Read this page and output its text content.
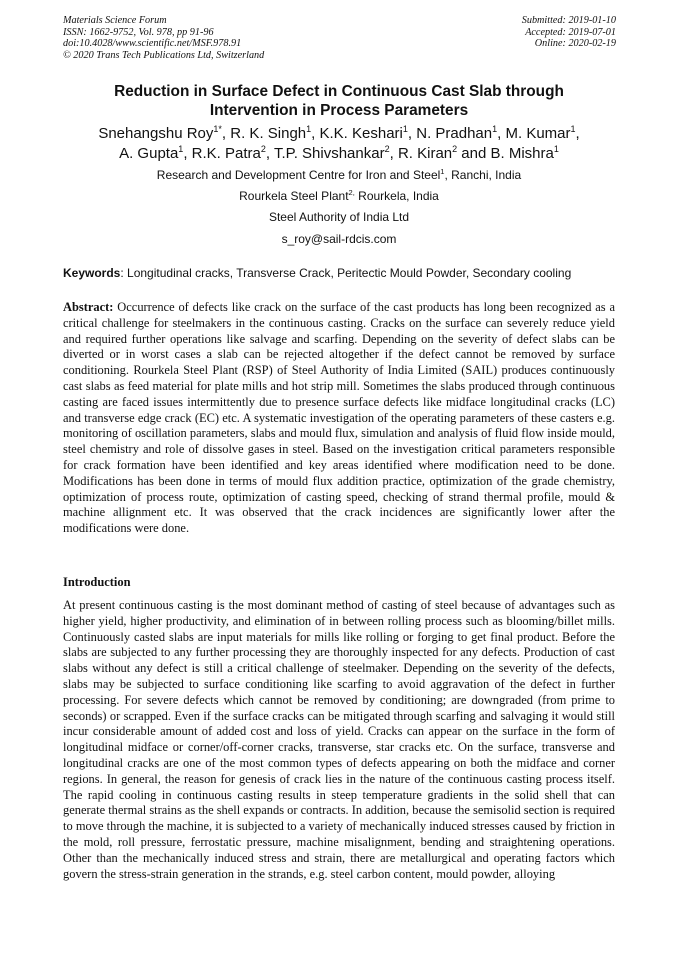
Materials Science Forum
ISSN: 1662-9752, Vol. 978, pp 91-96
doi:10.4028/www.scientific.net/MSF.978.91
© 2020 Trans Tech Publications Ltd, Switzerland
Submitted: 2019-01-10
Accepted: 2019-07-01
Online: 2020-02-19
Reduction in Surface Defect in Continuous Cast Slab through
Intervention in Process Parameters
Snehangshu Roy$^{1*}$, R. K. Singh$^1$, K.K. Keshari$^1$, N. Pradhan$^1$, M. Kumar$^1$,
A. Gupta$^1$, R.K. Patra$^2$, T.P. Shivshankar$^2$, R. Kiran$^2$ and B. Mishra$^1$
Research and Development Centre for Iron and Steel$^1$, Ranchi, India
Rourkela Steel Plant$^{2,}$ Rourkela, India
Steel Authority of India Ltd
s_roy@sail-rdcis.com
Keywords: Longitudinal cracks, Transverse Crack, Peritectic Mould Powder, Secondary cooling
Abstract: Occurrence of defects like crack on the surface of the cast products has long been recognized as a critical challenge for steelmakers in the continuous casting. Cracks on the surface can severely reduce yield and required further operations like salvage and scarfing. Depending on the severity of defect slabs can be diverted or in worst cases a slab can be rejected altogether if the defect cannot be removed by surface conditioning. Rourkela Steel Plant (RSP) of Steel Authority of India Limited (SAIL) produces continuously cast slabs as feed material for plate mills and hot strip mill. Sometimes the slabs produced through continuous casting are faced issues intermittently due to presence surface defects like midface longitudinal cracks (LC) and transverse edge crack (EC) etc. A systematic investigation of the operating parameters of these casters e.g. monitoring of oscillation parameters, slabs and mould flux, simulation and analysis of fluid flow inside mould, steel chemistry and role of dissolve gases in steel. Based on the investigation critical parameters responsible for crack formation have been identified and key areas identified where modification need to be done. Modifications has been done in terms of mould flux addition practice, optimization of the grade chemistry, optimization of process route, optimization of casting speed, checking of strand thermal profile, mould & machine allignment etc. It was observed that the crack incidences are significantly lower after the modifications were done.
Introduction
At present continuous casting is the most dominant method of casting of steel because of advantages such as higher yield, higher productivity, and elimination of in between rolling process such as blooming/billet mills. Continuously casted slabs are input materials for mills like rolling or forging to get final product. Before the slabs are subjected to any further processing they are thoroughly inspected for any defects. Production of cast slabs without any defect is still a critical challenge of steelmaker. Depending on the severity of the defects, slabs may be subjected to surface conditioning like scarfing to avoid aggravation of the defect in further processing. For severe defects which cannot be removed by conditioning; are downgraded (from prime to seconds) or scrapped. Even if the surface cracks can be mitigated through scarfing and salvaging it would still incur considerable amount of added cost and loss of yield. Cracks can appear on the surface in the form of longitudinal midface or corner/off-corner cracks, transverse, star cracks etc. On the surface, transverse and longitudinal cracks are one of the most common types of defects appearing on both the midface and corner regions. In general, the reason for genesis of crack lies in the nature of the continuous casting process itself. The rapid cooling in continuous casting results in steep temperature gradients in the solid shell that can generate thermal strains as the shell expands or contracts. In addition, because the semisolid section is required to move through the machine, it is subjected to a variety of mechanically induced stresses caused by friction in the mold, roll pressure, ferrostatic pressure, machine misalignment, bending and straightening operations. Other than the mechanically induced stress and strain, there are metallurgical and operating factors which govern the stress-strain generation in the strands, e.g. steel carbon content, mould powder, alloying
